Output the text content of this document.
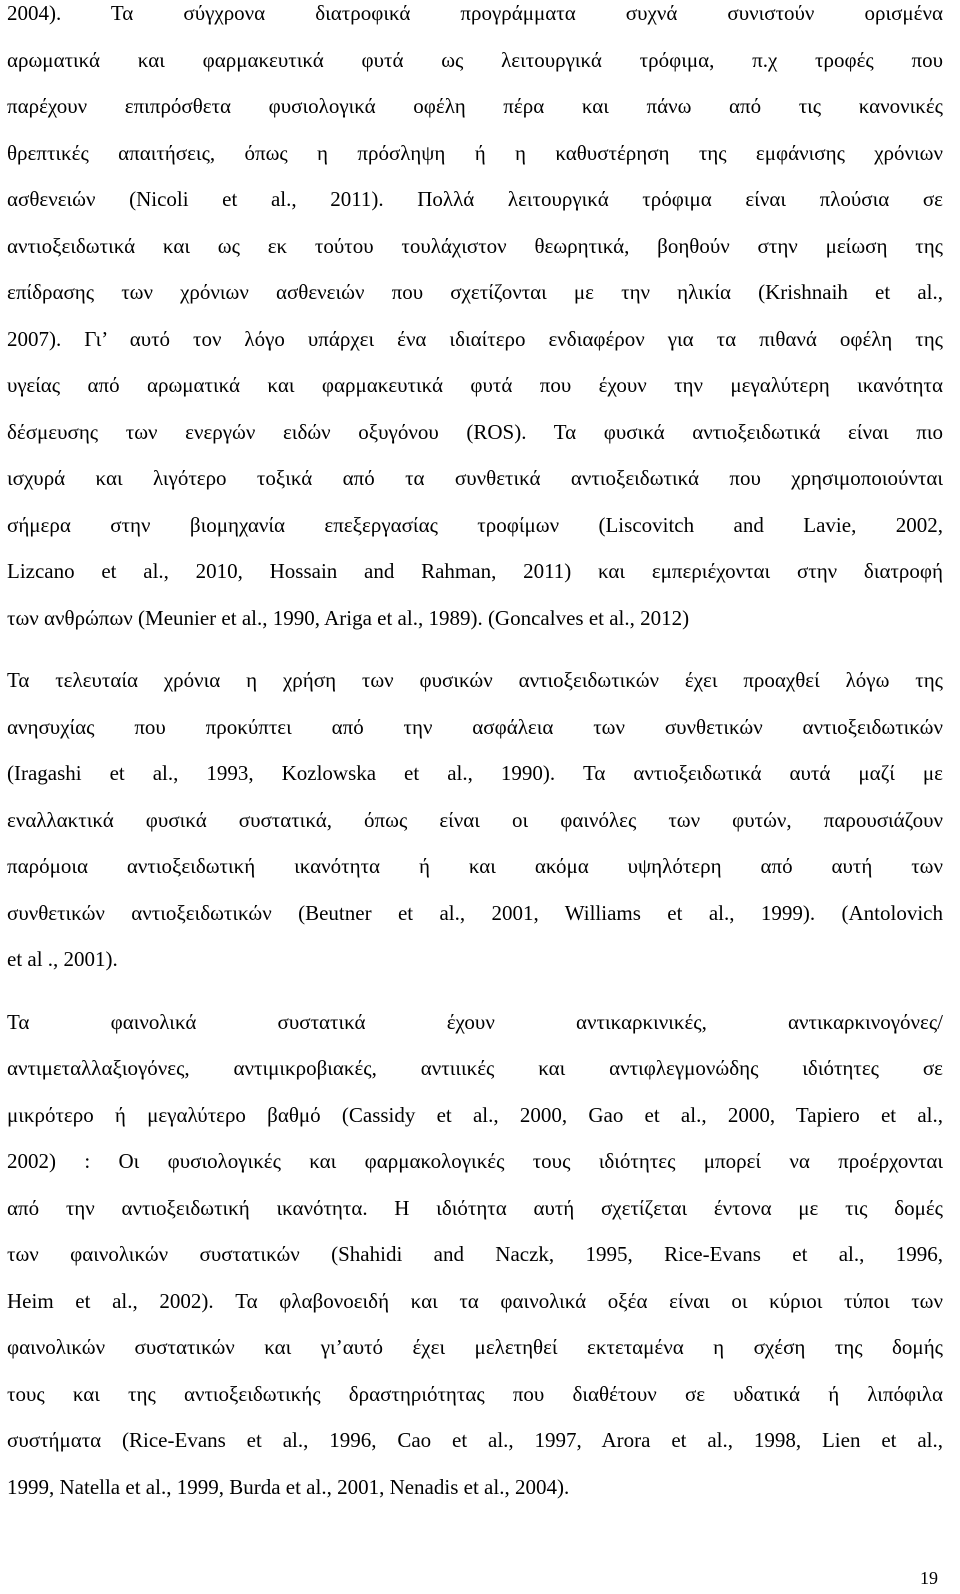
2004). Τα σύγχρονα διατροφικά προγράμματα συχνά συνιστούν ορισμένα
αρωματικά και φαρμακευτικά φυτά ως λειτουργικά τρόφιμα, π.χ τροφές που
παρέχουν επιπρόσθετα φυσιολογικά οφέλη πέρα και πάνω από τις κανονικές
θρεπτικές απαιτήσεις, όπως η πρόσληψη ή η καθυστέρηση της εμφάνισης χρόνιων
ασθενειών (Nicoli et al., 2011). Πολλά λειτουργικά τρόφιμα είναι πλούσια σε
αντιοξειδωτικά και ως εκ τούτου τουλάχιστον θεωρητικά, βοηθούν στην μείωση της
επίδρασης των χρόνιων ασθενειών που σχετίζονται με την ηλικία (Krishnaih et al.,
2007). Γι’ αυτό τον λόγο υπάρχει ένα ιδιαίτερο ενδιαφέρον για τα πιθανά οφέλη της
υγείας από αρωματικά και φαρμακευτικά φυτά που έχουν την μεγαλύτερη ικανότητα
δέσμευσης των ενεργών ειδών οξυγόνου (ROS). Τα φυσικά αντιοξειδωτικά είναι πιο
ισχυρά και λιγότερο τοξικά από τα συνθετικά αντιοξειδωτικά που χρησιμοποιούνται
σήμερα στην βιομηχανία επεξεργασίας τροφίμων (Liscovitch and Lavie, 2002,
Lizcano et al., 2010, Hossain and Rahman, 2011) και εμπεριέχονται στην διατροφή
των ανθρώπων (Meunier et al., 1990, Ariga et al., 1989). (Goncalves et al., 2012)
Τα τελευταία χρόνια η χρήση των φυσικών αντιοξειδωτικών έχει προαχθεί λόγω της
ανησυχίας που προκύπτει από την ασφάλεια των συνθετικών αντιοξειδωτικών
(Iragashi et al., 1993, Kozlowska et al., 1990). Τα αντιοξειδωτικά αυτά μαζί με
εναλλακτικά φυσικά συστατικά, όπως είναι οι φαινόλες των φυτών, παρουσιάζουν
παρόμοια αντιοξειδωτική ικανότητα ή και ακόμα υψηλότερη από αυτή των
συνθετικών αντιοξειδωτικών (Beutner et al., 2001, Williams et al., 1999). (Antolovich
et al ., 2001).
Τα φαινολικά συστατικά έχουν αντικαρκινικές, αντικαρκινογόνες/
αντιμεταλλαξιογόνες, αντιμικροβιακές, αντιιικές και αντιφλεγμονώδης ιδιότητες σε
μικρότερο ή μεγαλύτερο βαθμό (Cassidy et al., 2000, Gao et al., 2000, Tapiero et al.,
2002) : Οι φυσιολογικές και φαρμακολογικές τους ιδιότητες μπορεί να προέρχονται
από την αντιοξειδωτική ικανότητα. Η ιδιότητα αυτή σχετίζεται έντονα με τις δομές
των φαινολικών συστατικών (Shahidi and Naczk, 1995, Rice-Evans et al., 1996,
Heim et al., 2002). Τα φλαβονοειδή και τα φαινολικά οξέα είναι οι κύριοι τύποι των
φαινολικών συστατικών και γι’αυτό έχει μελετηθεί εκτεταμένα η σχέση της δομής
τους και της αντιοξειδωτικής δραστηριότητας που διαθέτουν σε υδατικά ή λιπόφιλα
συστήματα (Rice-Evans et al., 1996, Cao et al., 1997, Arora et al., 1998, Lien et al.,
1999, Natella et al., 1999, Burda et al., 2001, Nenadis et al., 2004).
19
